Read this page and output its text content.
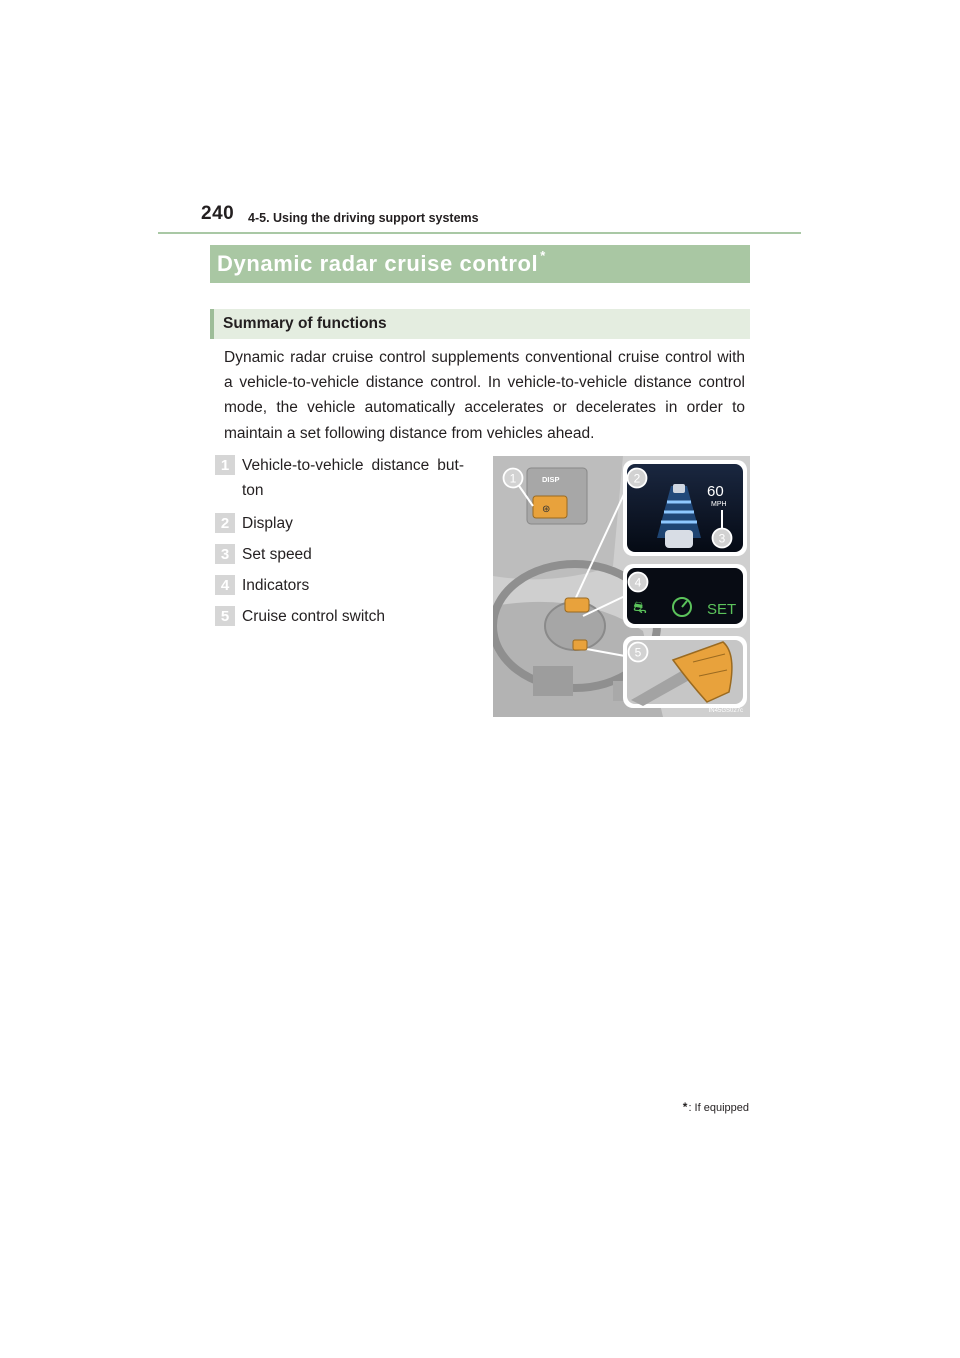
240 4-5. Using the driving support systems
Dynamic radar cruise control *
Summary of functions

Dynamic radar cruise control supplements conventional cruise control with a vehicle-to-vehicle distance control. In vehicle-to-vehicle distance control mode, the vehicle automatically accelerates or decelerates in order to maintain a set following distance from vehicles ahead.

1 Vehicle-to-vehicle distance but-ton
2 Display
3 Set speed
4 Indicators
5 Cruise control switch
DISP
⊛
60
MPH
⛐	SET
1	2
3
4
5
IN45GS027c
*: If equipped
